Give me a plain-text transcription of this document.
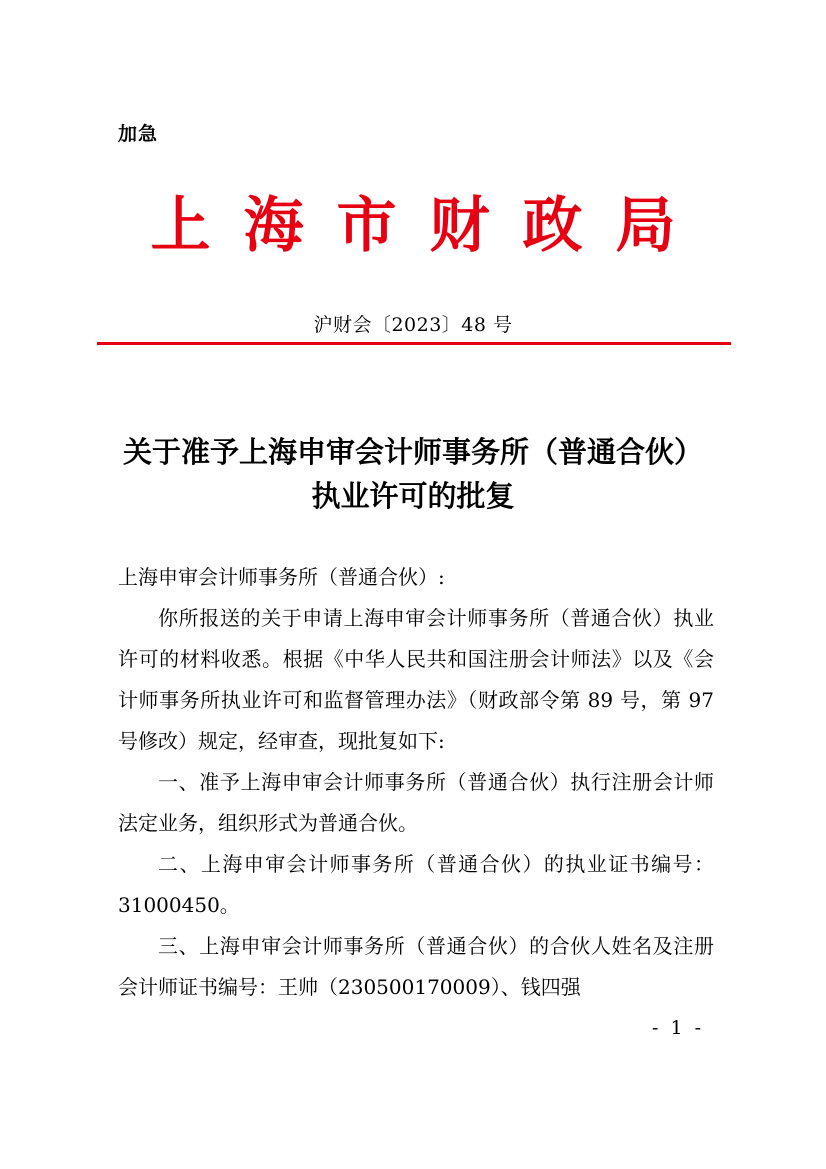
加急
上海市财政局
沪财会〔2023〕48 号
关于准予上海申审会计师事务所（普通合伙）
执业许可的批复

上海申审会计师事务所（普通合伙）:

你所报送的关于申请上海申审会计师事务所（普通合伙）执业许可的材料收悉。根据《中华人民共和国注册会计师法》以及《会计师事务所执业许可和监督管理办法》（财政部令第 89 号，第 97 号修改）规定，经审查，现批复如下:

一、准予上海申审会计师事务所（普通合伙）执行注册会计师法定业务，组织形式为普通合伙。

二、上海申审会计师事务所（普通合伙）的执业证书编号：31000450。

三、上海申审会计师事务所（普通合伙）的合伙人姓名及注册会计师证书编号：王帅（230500170009）、钱四强

- 1 -
